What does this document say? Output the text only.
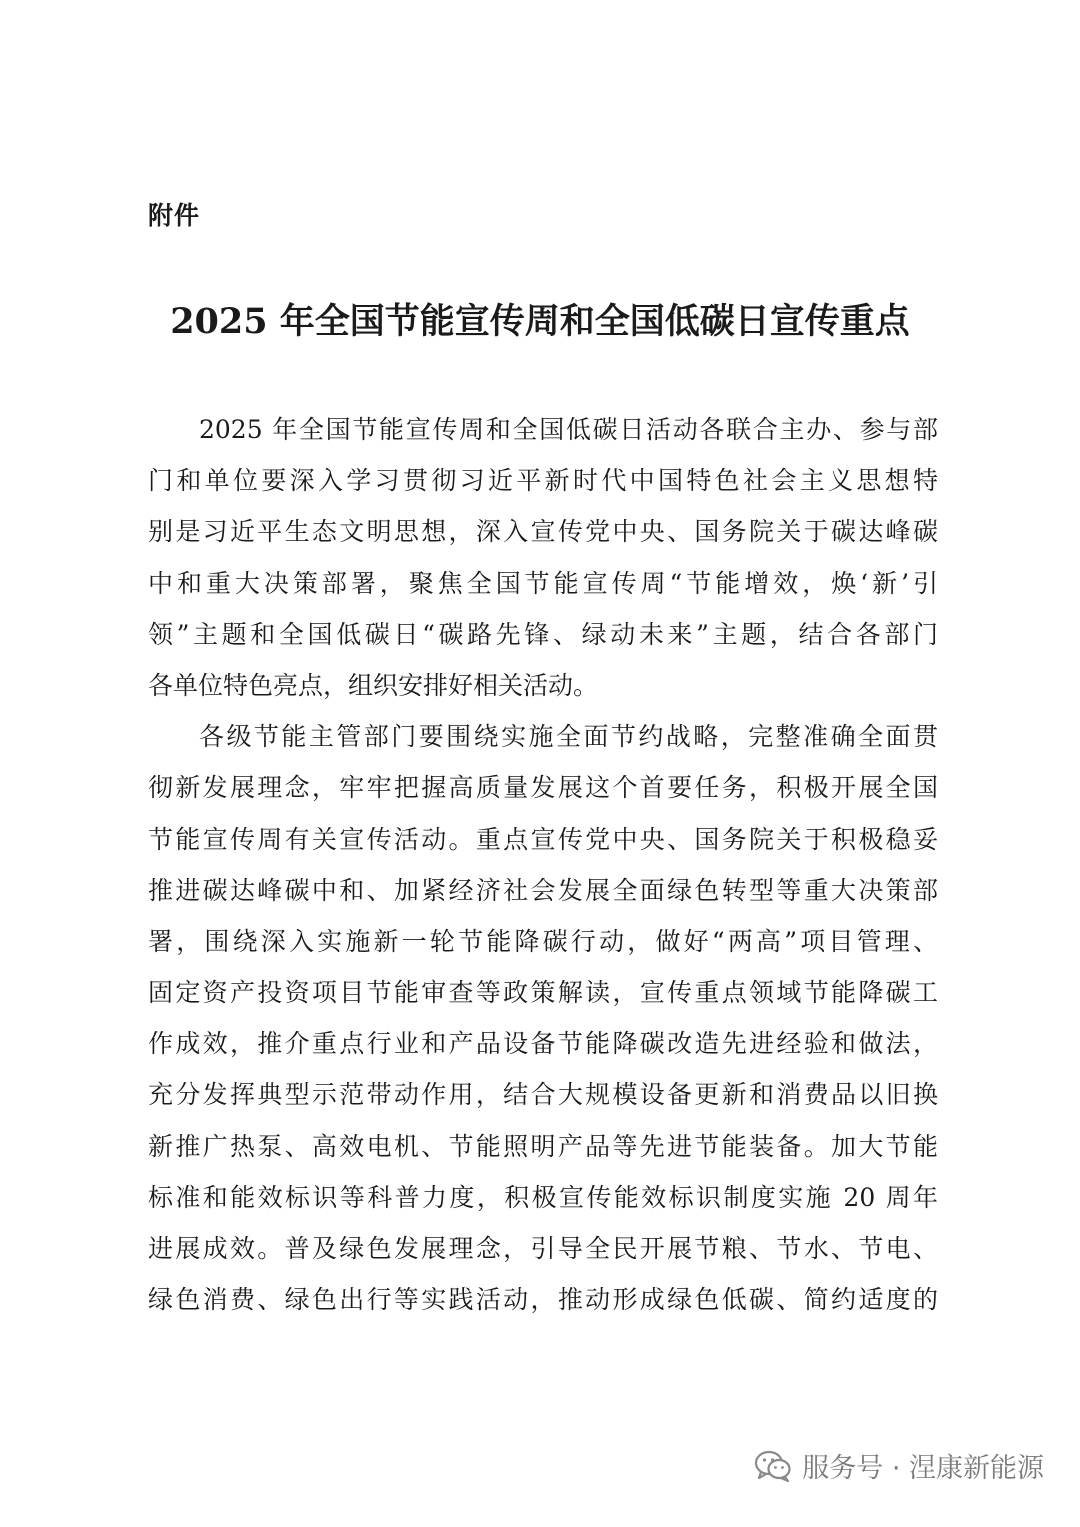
附件
2025 年全国节能宣传周和全国低碳日宣传重点
2025 年全国节能宣传周和全国低碳日活动各联合主办、参与部
门和单位要深入学习贯彻习近平新时代中国特色社会主义思想特
别是习近平生态文明思想，深入宣传党中央、国务院关于碳达峰碳
中和重大决策部署，聚焦全国节能宣传周“节能增效，焕‘新’引
领”主题和全国低碳日“碳路先锋、绿动未来”主题，结合各部门
各单位特色亮点，组织安排好相关活动。
各级节能主管部门要围绕实施全面节约战略，完整准确全面贯
彻新发展理念，牢牢把握高质量发展这个首要任务，积极开展全国
节能宣传周有关宣传活动。重点宣传党中央、国务院关于积极稳妥
推进碳达峰碳中和、加紧经济社会发展全面绿色转型等重大决策部
署，围绕深入实施新一轮节能降碳行动，做好“两高”项目管理、
固定资产投资项目节能审查等政策解读，宣传重点领域节能降碳工
作成效，推介重点行业和产品设备节能降碳改造先进经验和做法，
充分发挥典型示范带动作用，结合大规模设备更新和消费品以旧换
新推广热泵、高效电机、节能照明产品等先进节能装备。加大节能
标准和能效标识等科普力度，积极宣传能效标识制度实施 20 周年
进展成效。普及绿色发展理念，引导全民开展节粮、节水、节电、
绿色消费、绿色出行等实践活动，推动形成绿色低碳、简约适度的
服务号 · 涅康新能源
